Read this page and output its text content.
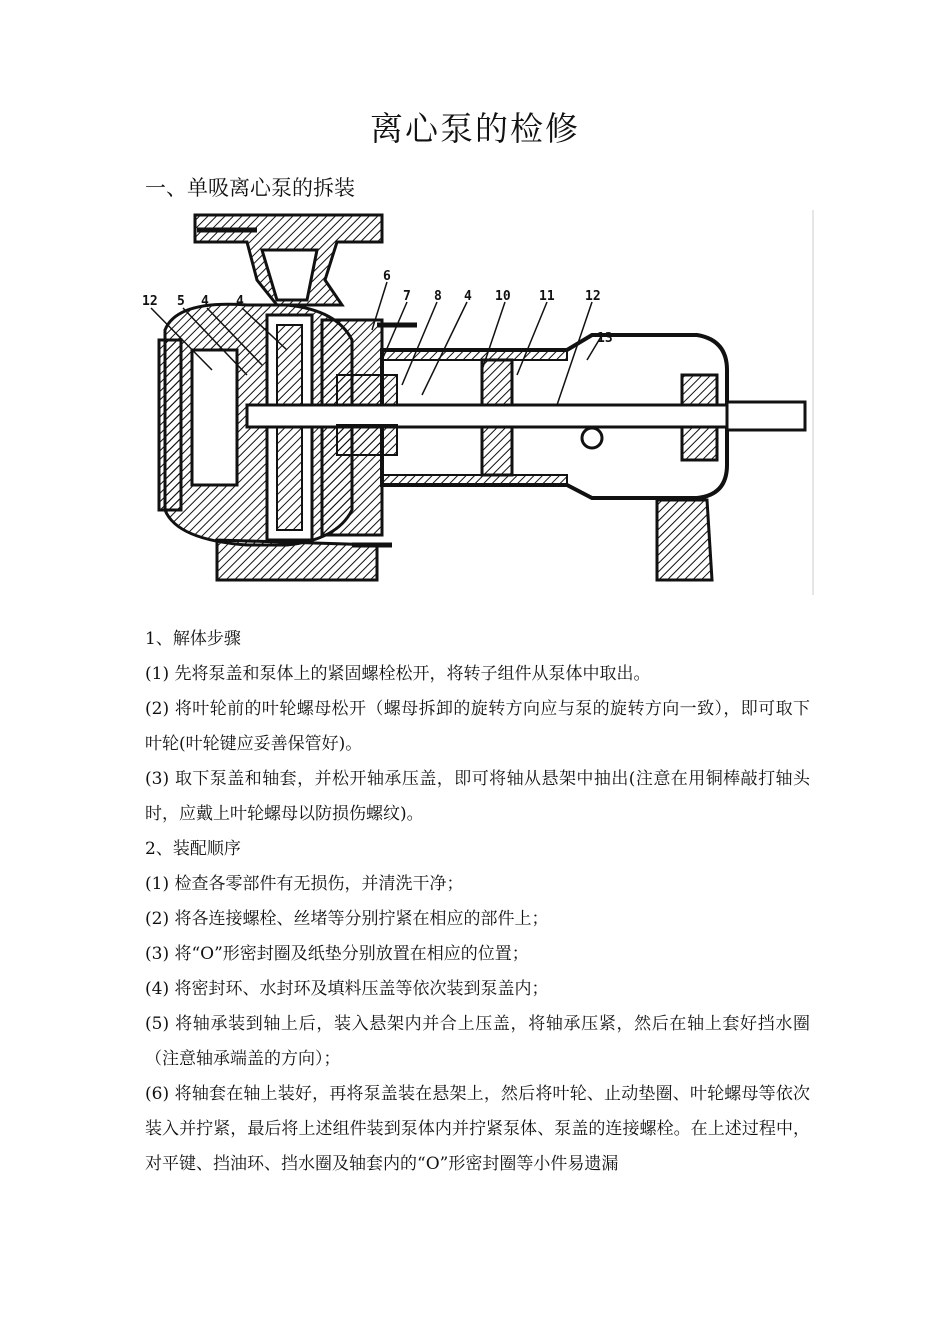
离心泵的检修
一、单吸离心泵的拆装
12 5 4 4
6
7 8 4 10 11 12
13

1、解体步骤

(1) 先将泵盖和泵体上的紧固螺栓松开，将转子组件从泵体中取出。

(2) 将叶轮前的叶轮螺母松开（螺母拆卸的旋转方向应与泵的旋转方向一致），即可取下叶轮(叶轮键应妥善保管好)。

(3) 取下泵盖和轴套，并松开轴承压盖，即可将轴从悬架中抽出(注意在用铜棒敲打轴头时，应戴上叶轮螺母以防损伤螺纹)。

2、装配顺序

(1) 检查各零部件有无损伤，并清洗干净；

(2) 将各连接螺栓、丝堵等分别拧紧在相应的部件上；

(3) 将“O”形密封圈及纸垫分别放置在相应的位置；

(4) 将密封环、水封环及填料压盖等依次装到泵盖内；

(5) 将轴承装到轴上后，装入悬架内并合上压盖，将轴承压紧，然后在轴上套好挡水圈（注意轴承端盖的方向）；

(6) 将轴套在轴上装好，再将泵盖装在悬架上，然后将叶轮、止动垫圈、叶轮螺母等依次装入并拧紧，最后将上述组件装到泵体内并拧紧泵体、泵盖的连接螺栓。在上述过程中，对平键、挡油环、挡水圈及轴套内的“O”形密封圈等小件易遗漏
